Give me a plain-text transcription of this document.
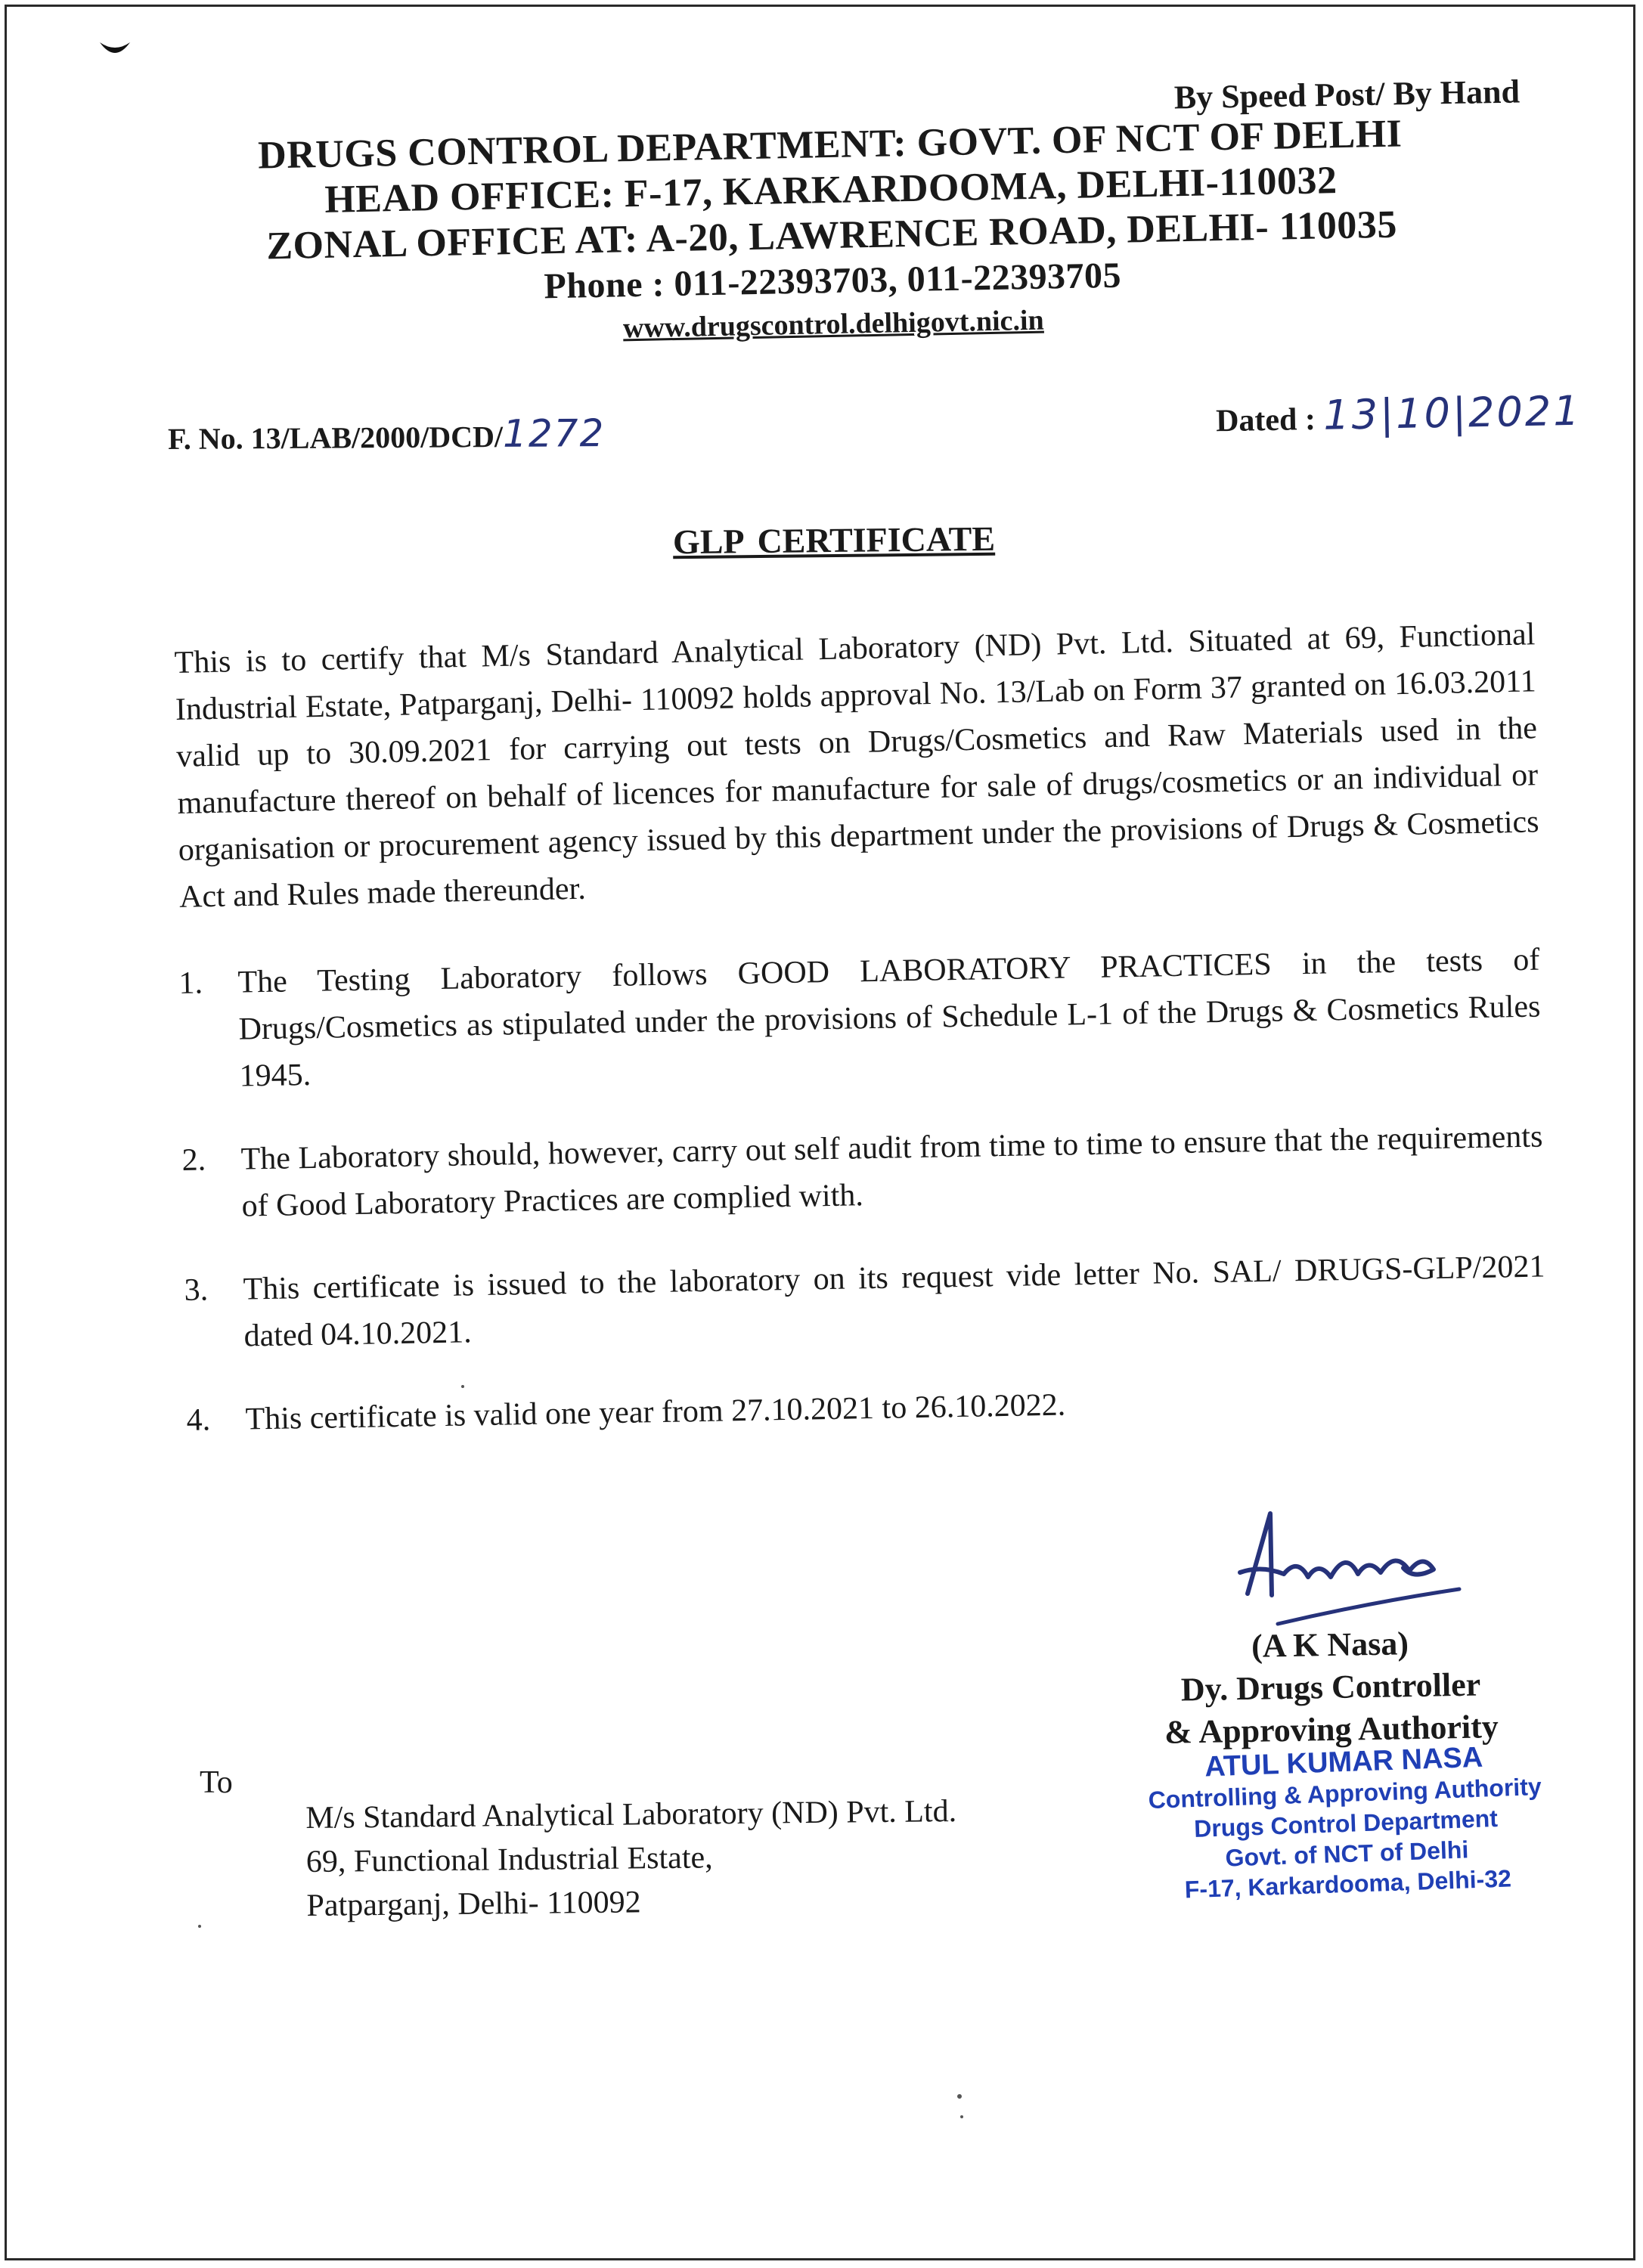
By Speed Post/ By Hand
DRUGS CONTROL DEPARTMENT: GOVT. OF NCT OF DELHI
HEAD OFFICE: F-17, KARKARDOOMA, DELHI-110032
ZONAL OFFICE AT: A-20, LAWRENCE ROAD, DELHI- 110035
Phone : 011-22393703, 011-22393705
www.drugscontrol.delhigovt.nic.in
F. No. 13/LAB/2000/DCD/1272	Dated : 13|10|2021
GLP CERTIFICATE
This is to certify that M/s Standard Analytical Laboratory (ND) Pvt. Ltd. Situated at 69, Functional Industrial Estate, Patparganj, Delhi- 110092 holds approval No. 13/Lab on Form 37 granted on 16.03.2011 valid up to 30.09.2021 for carrying out tests on Drugs/Cosmetics and Raw Materials used in the manufacture thereof on behalf of licences for manufacture for sale of drugs/cosmetics or an individual or organisation or procurement agency issued by this department under the provisions of Drugs & Cosmetics Act and Rules made thereunder.
1. The Testing Laboratory follows GOOD LABORATORY PRACTICES in the tests of Drugs/Cosmetics as stipulated under the provisions of Schedule L-1 of the Drugs & Cosmetics Rules 1945.
2. The Laboratory should, however, carry out self audit from time to time to ensure that the requirements of Good Laboratory Practices are complied with.
3. This certificate is issued to the laboratory on its request vide letter No. SAL/ DRUGS-GLP/2021 dated 04.10.2021.
4. This certificate is valid one year from 27.10.2021 to 26.10.2022.
(A K Nasa)
Dy. Drugs Controller
& Approving Authority
ATUL KUMAR NASA
Controlling & Approving Authority
Drugs Control Department
Govt. of NCT of Delhi
F-17, Karkardooma, Delhi-32
To
M/s Standard Analytical Laboratory (ND) Pvt. Ltd.
69, Functional Industrial Estate,
Patparganj, Delhi- 110092
